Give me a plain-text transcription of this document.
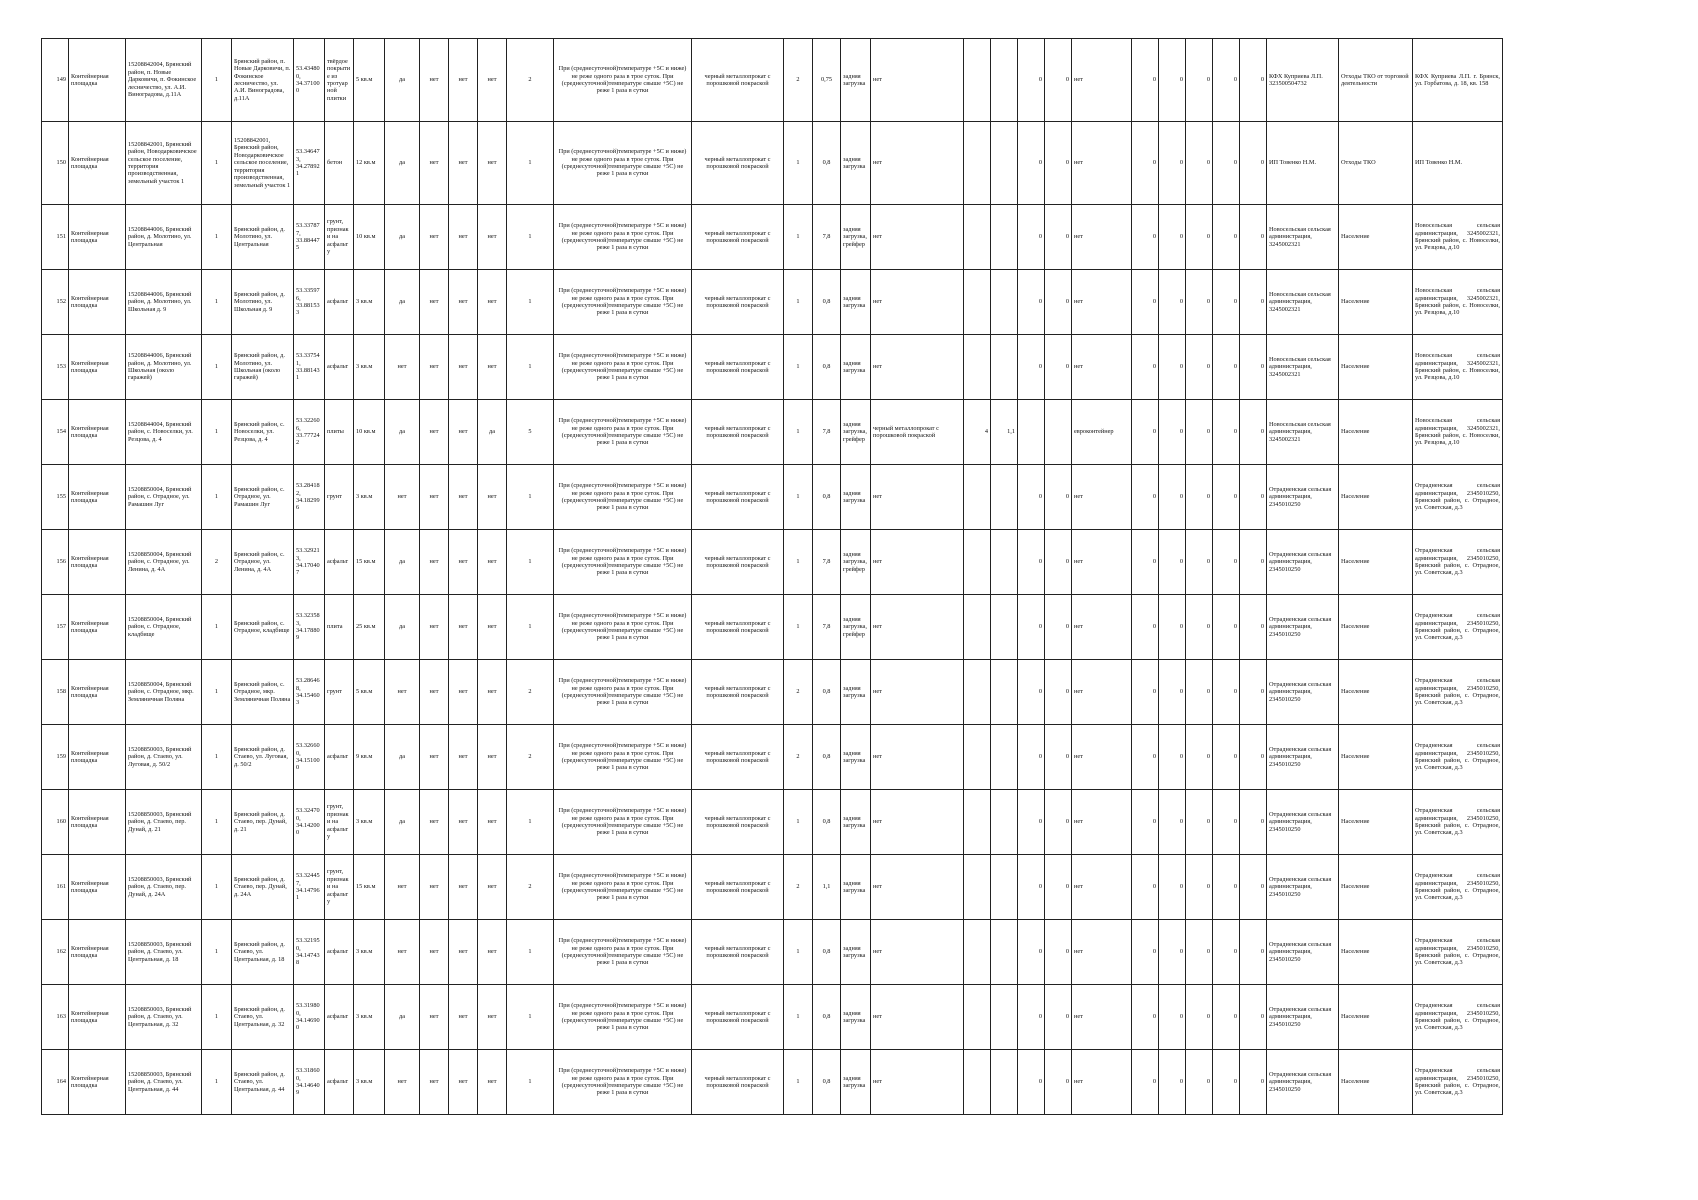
149	Контейнерная площадка	15208842004, Брянский район, п. Новые Дарковичи, п. Фокинское лесничество, ул. А.И. Виноградова, д.11А	1	Брянский район, п. Новые Дарковичи, п. Фокинское лесничество, ул. А.И. Виноградова, д.11А	53.434800, 34.371000	твёрдое покрытие из тротуарной плитки	5 кв.м	да	нет	нет	нет	2	При (среднесуточной)температуре +5С и ниже) не реже одного раза в трое суток. При (среднесуточной)температуре свыше +5С) не реже 1 раза в сутки	черный металлопрокат с порошковой покраской	2	0,75	задняя загрузка	нет			0	0	нет	0	0	0	0	0	КФХ Куприева Л.П. 323500504732	Отходы ТКО от торговой деятельности	КФХ Куприева Л.П. г. Брянск, ул. Горбатова, д. 18, кв. 158
150	Контейнерная площадка	15208842001, Брянский район, Новодарковичское сельское поселение, территория производственная, земельный участок 1	1	15208842001, Брянский район, Новодарковичское сельское поселение, территория производственная, земельный участок 1	53.346473, 34.278921	бетон	12 кв.м	да	нет	нет	нет	1	При (среднесуточной)температуре +5С и ниже) не реже одного раза в трое суток. При (среднесуточной)температуре свыше +5С) не реже 1 раза в сутки	черный металлопрокат с порошковой покраской	1	0,8	задняя загрузка	нет			0	0	нет	0	0	0	0	0	ИП Товенко Н.М.	Отходы ТКО	ИП Товенко Н.М.
151	Контейнерная площадка	15208844006, Брянский район, д. Молотино, ул. Центральная	1	Брянский район, д. Молотино, ул. Центральная	53.337877, 33.884475	грунт, признаки на асфальту	10 кв.м	да	нет	нет	нет	1	При (среднесуточной)температуре +5С и ниже) не реже одного раза в трое суток. При (среднесуточной)температуре свыше +5С) не реже 1 раза в сутки	черный металлопрокат с порошковой покраской	1	7,8	задняя загрузка, грейфер	нет			0	0	нет	0	0	0	0	0	Новосельская сельская администрация, 3245002321	Население	Новосельская сельская администрация, 3245002321, Брянский район, с. Новоселки, ул. Резцова, д.10
152	Контейнерная площадка	15208844006, Брянский район, д. Молотино, ул. Школьная д. 9	1	Брянский район, д. Молотино, ул. Школьная д. 9	53.335976, 33.881533	асфальт	3 кв.м	да	нет	нет	нет	1	При (среднесуточной)температуре +5С и ниже) не реже одного раза в трое суток. При (среднесуточной)температуре свыше +5С) не реже 1 раза в сутки	черный металлопрокат с порошковой покраской	1	0,8	задняя загрузка	нет			0	0	нет	0	0	0	0	0	Новосельская сельская администрация, 3245002321	Население	Новосельская сельская администрация, 3245002321, Брянский район, с. Новоселки, ул. Резцова, д.10
153	Контейнерная площадка	15208844006, Брянский район, д. Молотино, ул. Школьная (около гаражей)	1	Брянский район, д. Молотино, ул. Школьная (около гаражей)	53.337541, 33.881431	асфальт	3 кв.м	нет	нет	нет	нет	1	При (среднесуточной)температуре +5С и ниже) не реже одного раза в трое суток. При (среднесуточной)температуре свыше +5С) не реже 1 раза в сутки	черный металлопрокат с порошковой покраской	1	0,8	задняя загрузка	нет			0	0	нет	0	0	0	0	0	Новосельская сельская администрация, 3245002321	Население	Новосельская сельская администрация, 3245002321, Брянский район, с. Новоселки, ул. Резцова, д.10
154	Контейнерная площадка	15208844004, Брянский район, с. Новоселки, ул. Резцова, д. 4	1	Брянский район, с. Новоселки, ул. Резцова, д. 4	53.322606, 33.777242	плиты	10 кв.м	да	нет	нет	да	5	При (среднесуточной)температуре +5С и ниже) не реже одного раза в трое суток. При (среднесуточной)температуре свыше +5С) не реже 1 раза в сутки	черный металлопрокат с порошковой покраской	1	7,8	задняя загрузка, грейфер	черный металлопрокат с порошковой покраской	4	1,1			евроконтейнер	0	0	0	0	0	Новосельская сельская администрация, 3245002321	Население	Новосельская сельская администрация, 3245002321, Брянский район, с. Новоселки, ул. Резцова, д.10
155	Контейнерная площадка	15208850004, Брянский район, с. Отрадное, ул. Рамашин Луг	1	Брянский район, с. Отрадное, ул. Рамашин Луг	53.284182, 34.182996	грунт	3 кв.м	нет	нет	нет	нет	1	При (среднесуточной)температуре +5С и ниже) не реже одного раза в трое суток. При (среднесуточной)температуре свыше +5С) не реже 1 раза в сутки	черный металлопрокат с порошковой покраской	1	0,8	задняя загрузка	нет			0	0	нет	0	0	0	0	0	Отрадненская сельская администрация, 2345010250	Население	Отрадненская сельская администрация, 2345010250, Брянский район, с. Отрадное, ул. Советская, д.3
156	Контейнерная площадка	15208850004, Брянский район, с. Отрадное, ул. Ленина, д. 4А	2	Брянский район, с. Отрадное, ул. Ленина, д. 4А	53.329213, 34.170407	асфальт	15 кв.м	да	нет	нет	нет	1	При (среднесуточной)температуре +5С и ниже) не реже одного раза в трое суток. При (среднесуточной)температуре свыше +5С) не реже 1 раза в сутки	черный металлопрокат с порошковой покраской	1	7,8	задняя загрузка, грейфер	нет			0	0	нет	0	0	0	0	0	Отрадненская сельская администрация, 2345010250	Население	Отрадненская сельская администрация, 2345010250, Брянский район, с. Отрадное, ул. Советская, д.3
157	Контейнерная площадка	15208850004, Брянский район, с. Отрадное, кладбище	1	Брянский район, с. Отрадное, кладбище	53.323583, 34.178809	плита	25 кв.м	да	нет	нет	нет	1	При (среднесуточной)температуре +5С и ниже) не реже одного раза в трое суток. При (среднесуточной)температуре свыше +5С) не реже 1 раза в сутки	черный металлопрокат с порошковой покраской	1	7,8	задняя загрузка, грейфер	нет			0	0	нет	0	0	0	0	0	Отрадненская сельская администрация, 2345010250	Население	Отрадненская сельская администрация, 2345010250, Брянский район, с. Отрадное, ул. Советская, д.3
158	Контейнерная площадка	15208850004, Брянский район, с. Отрадное, мкр. Земляничная Поляна	1	Брянский район, с. Отрадное, мкр. Земляничная Поляна	53.286468, 34.154603	грунт	5 кв.м	нет	нет	нет	нет	2	При (среднесуточной)температуре +5С и ниже) не реже одного раза в трое суток. При (среднесуточной)температуре свыше +5С) не реже 1 раза в сутки	черный металлопрокат с порошковой покраской	2	0,8	задняя загрузка	нет			0	0	нет	0	0	0	0	0	Отрадненская сельская администрация, 2345010250	Население	Отрадненская сельская администрация, 2345010250, Брянский район, с. Отрадное, ул. Советская, д.3
159	Контейнерная площадка	15208850003, Брянский район, д. Стаево, ул. Луговая, д. 50/2	1	Брянский район, д. Стаево, ул. Луговая, д. 50/2	53.326600, 34.151000	асфальт	9 кв.м	да	нет	нет	нет	2	При (среднесуточной)температуре +5С и ниже) не реже одного раза в трое суток. При (среднесуточной)температуре свыше +5С) не реже 1 раза в сутки	черный металлопрокат с порошковой покраской	2	0,8	задняя загрузка	нет			0	0	нет	0	0	0	0	0	Отрадненская сельская администрация, 2345010250	Население	Отрадненская сельская администрация, 2345010250, Брянский район, с. Отрадное, ул. Советская, д.3
160	Контейнерная площадка	15208850003, Брянский район, д. Стаево, пер. Дунай, д. 21	1	Брянский район, д. Стаево, пер. Дунай, д. 21	53.324700, 34.142000	грунт, признаки на асфальту	3 кв.м	да	нет	нет	нет	1	При (среднесуточной)температуре +5С и ниже) не реже одного раза в трое суток. При (среднесуточной)температуре свыше +5С) не реже 1 раза в сутки	черный металлопрокат с порошковой покраской	1	0,8	задняя загрузка	нет			0	0	нет	0	0	0	0	0	Отрадненская сельская администрация, 2345010250	Население	Отрадненская сельская администрация, 2345010250, Брянский район, с. Отрадное, ул. Советская, д.3
161	Контейнерная площадка	15208850003, Брянский район, д. Стаево, пер. Дунай, д. 24А	1	Брянский район, д. Стаево, пер. Дунай, д. 24А	53.324457, 34.147961	грунт, признаки на асфальту	15 кв.м	нет	нет	нет	нет	2	При (среднесуточной)температуре +5С и ниже) не реже одного раза в трое суток. При (среднесуточной)температуре свыше +5С) не реже 1 раза в сутки	черный металлопрокат с порошковой покраской	2	1,1	задняя загрузка	нет			0	0	нет	0	0	0	0	0	Отрадненская сельская администрация, 2345010250	Население	Отрадненская сельская администрация, 2345010250, Брянский район, с. Отрадное, ул. Советская, д.3
162	Контейнерная площадка	15208850003, Брянский район, д. Стаево, ул. Центральная, д. 18	1	Брянский район, д. Стаево, ул. Центральная, д. 18	53.321950, 34.147438	асфальт	3 кв.м	нет	нет	нет	нет	1	При (среднесуточной)температуре +5С и ниже) не реже одного раза в трое суток. При (среднесуточной)температуре свыше +5С) не реже 1 раза в сутки	черный металлопрокат с порошковой покраской	1	0,8	задняя загрузка	нет			0	0	нет	0	0	0	0	0	Отрадненская сельская администрация, 2345010250	Население	Отрадненская сельская администрация, 2345010250, Брянский район, с. Отрадное, ул. Советская, д.3
163	Контейнерная площадка	15208850003, Брянский район, д. Стаево, ул. Центральная, д. 32	1	Брянский район, д. Стаево, ул. Центральная, д. 32	53.319800, 34.146900	асфальт	3 кв.м	да	нет	нет	нет	1	При (среднесуточной)температуре +5С и ниже) не реже одного раза в трое суток. При (среднесуточной)температуре свыше +5С) не реже 1 раза в сутки	черный металлопрокат с порошковой покраской	1	0,8	задняя загрузка	нет			0	0	нет	0	0	0	0	0	Отрадненская сельская администрация, 2345010250	Население	Отрадненская сельская администрация, 2345010250, Брянский район, с. Отрадное, ул. Советская, д.3
164	Контейнерная площадка	15208850003, Брянский район, д. Стаево, ул. Центральная, д. 44	1	Брянский район, д. Стаево, ул. Центральная, д. 44	53.318600, 34.146409	асфальт	3 кв.м	нет	нет	нет	нет	1	При (среднесуточной)температуре +5С и ниже) не реже одного раза в трое суток. При (среднесуточной)температуре свыше +5С) не реже 1 раза в сутки	черный металлопрокат с порошковой покраской	1	0,8	задняя загрузка	нет			0	0	нет	0	0	0	0	0	Отрадненская сельская администрация, 2345010250	Население	Отрадненская сельская администрация, 2345010250, Брянский район, с. Отрадное, ул. Советская, д.3
